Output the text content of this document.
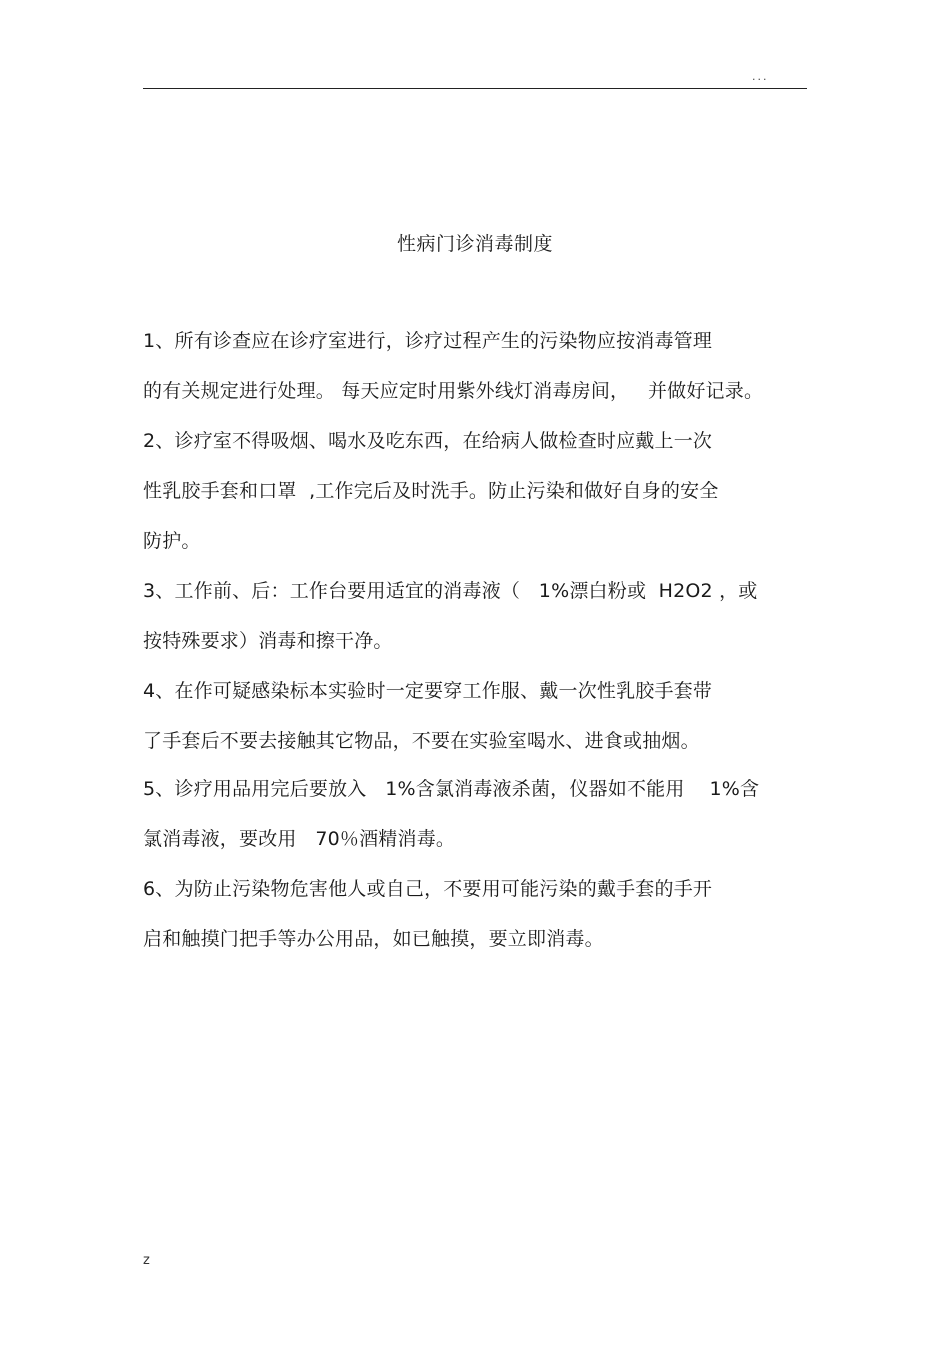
...
性病门诊消毒制度
1、所有诊查应在诊疗室进行，诊疗过程产生的污染物应按消毒管理
的有关规定进行处理。 每天应定时用紫外线灯消毒房间，   并做好记录。
2、诊疗室不得吸烟、喝水及吃东西，在给病人做检查时应戴上一次
性乳胶手套和口罩  ,工作完后及时洗手。防止污染和做好自身的安全
防护。
3、工作前、后：工作台要用适宜的消毒液（   1%漂白粉或  H2O2 ，或
按特殊要求）消毒和擦干净。
4、在作可疑感染标本实验时一定要穿工作服、戴一次性乳胶手套带
了手套后不要去接触其它物品，不要在实验室喝水、进食或抽烟。
5、诊疗用品用完后要放入   1%含氯消毒液杀菌，仪器如不能用    1%含
氯消毒液，要改用   70％酒精消毒。
6、为防止污染物危害他人或自己，不要用可能污染的戴手套的手开
启和触摸门把手等办公用品，如已触摸，要立即消毒。
z
